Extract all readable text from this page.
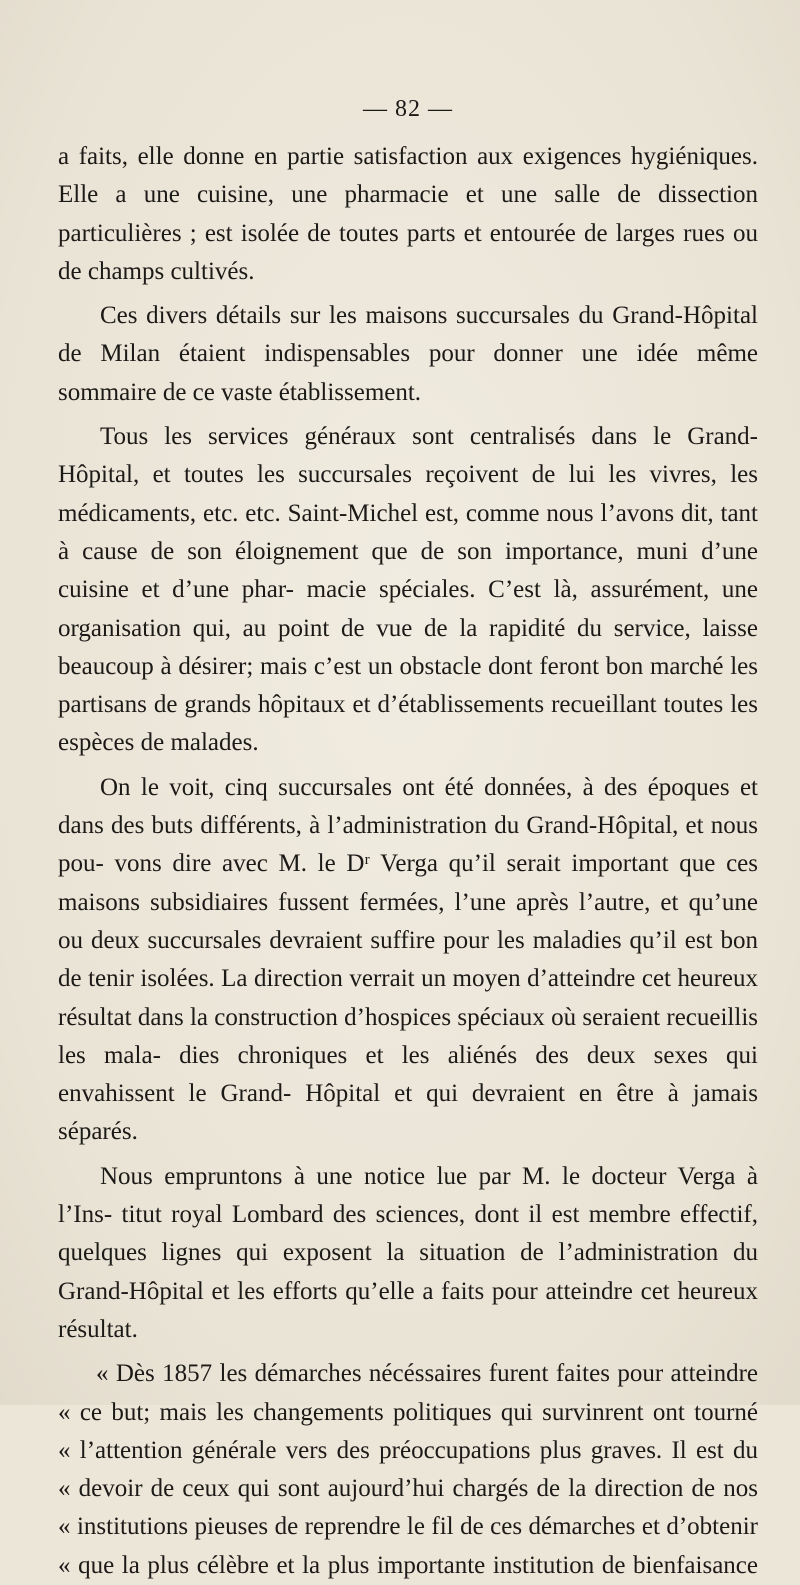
— 82 —

a faits, elle donne en partie satisfaction aux exigences hygiéniques. Elle a une cuisine, une pharmacie et une salle de dissection particulières ; est isolée de toutes parts et entourée de larges rues ou de champs cultivés.

Ces divers détails sur les maisons succursales du Grand-Hôpital de Milan étaient indispensables pour donner une idée même sommaire de ce vaste établissement.

Tous les services généraux sont centralisés dans le Grand-Hôpital, et toutes les succursales reçoivent de lui les vivres, les médicaments, etc. etc. Saint-Michel est, comme nous l’avons dit, tant à cause de son éloignement que de son importance, muni d’une cuisine et d’une phar- macie spéciales. C’est là, assurément, une organisation qui, au point de vue de la rapidité du service, laisse beaucoup à désirer; mais c’est un obstacle dont feront bon marché les partisans de grands hôpitaux et d’établissements recueillant toutes les espèces de malades.

On le voit, cinq succursales ont été données, à des époques et dans des buts différents, à l’administration du Grand-Hôpital, et nous pou- vons dire avec M. le Dʳ Verga qu’il serait important que ces maisons subsidiaires fussent fermées, l’une après l’autre, et qu’une ou deux succursales devraient suffire pour les maladies qu’il est bon de tenir isolées. La direction verrait un moyen d’atteindre cet heureux résultat dans la construction d’hospices spéciaux où seraient recueillis les mala- dies chroniques et les aliénés des deux sexes qui envahissent le Grand- Hôpital et qui devraient en être à jamais séparés.

Nous empruntons à une notice lue par M. le docteur Verga à l’Ins- titut royal Lombard des sciences, dont il est membre effectif, quelques lignes qui exposent la situation de l’administration du Grand-Hôpital et les efforts qu’elle a faits pour atteindre cet heureux résultat.

« Dès 1857 les démarches nécéssaires furent faites pour atteindre
« ce but; mais les changements politiques qui survinrent ont tourné
« l’attention générale vers des préoccupations plus graves. Il est du
« devoir de ceux qui sont aujourd’hui chargés de la direction de nos
« institutions pieuses de reprendre le fil de ces démarches et d’obtenir
« que la plus célèbre et la plus importante institution de bienfaisance
